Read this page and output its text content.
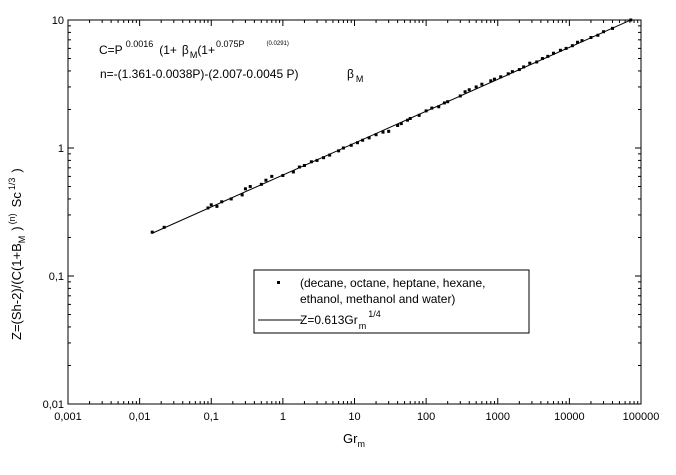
0,001	0,01	0,1	1	10	100	1000	10000	100000
0,01
0,1
1
10
$Gr_m$
$Z=(Sh-2)/(C(1+B_M)^{(n)}Sc^{1/3})$
C=P $^{0.0016}$ ($1+ \beta_M(1+^{0.075P}$	(0.0291)
n=-(1.361-0.0038P)-(2.007-0.0045 P)	β $_M$
(decane, octane, heptane, hexane,
ethanol, methanol and water)
$Z=0.613Gr_m^{1/4}$
